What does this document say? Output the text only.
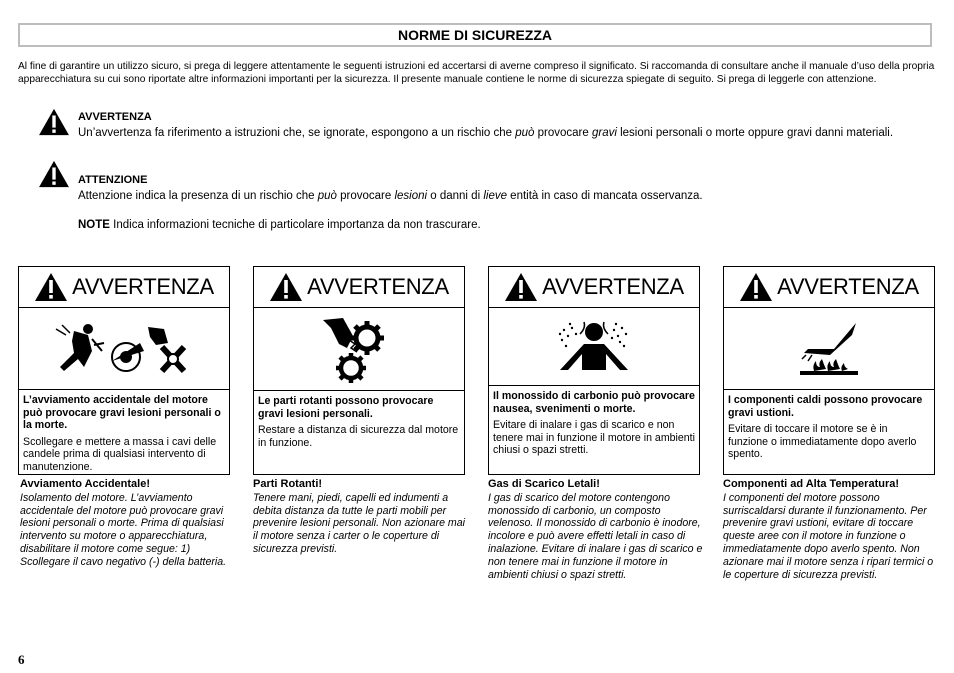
NORME DI SICUREZZA
Al fine di garantire un utilizzo sicuro, si prega di leggere attentamente le seguenti istruzioni ed accertarsi di averne compreso il significato. Si raccomanda di consultare anche il manuale d’uso della propria apparecchiatura su cui sono riportate altre informazioni importanti per la sicurezza. Il presente manuale contiene le norme di sicurezza spiegate di seguito. Si prega di leggerle con attenzione.
AVVERTENZA
Un’avvertenza fa riferimento a istruzioni che, se ignorate, espongono a un rischio che può provocare gravi lesioni personali o morte oppure gravi danni materiali.
ATTENZIONE
Attenzione indica la presenza di un rischio che può provocare lesioni o danni di lieve entità in caso di mancata osservanza.
NOTE Indica informazioni tecniche di particolare importanza da non trascurare.
AVVERTENZA
L’avviamento accidentale del motore può provocare gravi lesioni personali o la morte.
Scollegare e mettere a massa i cavi delle candele prima di qualsiasi intervento di manutenzione.
AVVERTENZA
Le parti rotanti possono provocare gravi lesioni personali.
Restare a distanza di sicurezza dal motore in funzione.
AVVERTENZA
Il monossido di carbonio può provocare nausea, svenimenti o morte.
Evitare di inalare i gas di scarico e non tenere mai in funzione il motore in ambienti chiusi o spazi stretti.
AVVERTENZA
I componenti caldi possono provocare gravi ustioni.
Evitare di toccare il motore se è in funzione o immediatamente dopo averlo spento.
Avviamento Accidentale!
Isolamento del motore. L’avviamento accidentale del motore può provocare gravi lesioni personali o morte. Prima di qualsiasi intervento su motore o apparecchiatura, disabilitare il motore come segue: 1) Scollegare il cavo negativo (-) della batteria.
Parti Rotanti!
Tenere mani, piedi, capelli ed indumenti a debita distanza da tutte le parti mobili per prevenire lesioni personali. Non azionare mai il motore senza i carter o le coperture di sicurezza previsti.
Gas di Scarico Letali!
I gas di scarico del motore contengono monossido di carbonio, un composto velenoso. Il monossido di carbonio è inodore, incolore e può avere effetti letali in caso di inalazione. Evitare di inalare i gas di scarico e non tenere mai in funzione il motore in ambienti chiusi o spazi stretti.
Componenti ad Alta Temperatura!
I componenti del motore possono surriscaldarsi durante il funzionamento. Per prevenire gravi ustioni, evitare di toccare queste aree con il motore in funzione o immediatamente dopo averlo spento. Non azionare mai il motore senza i ripari termici o le coperture di sicurezza previsti.
6
